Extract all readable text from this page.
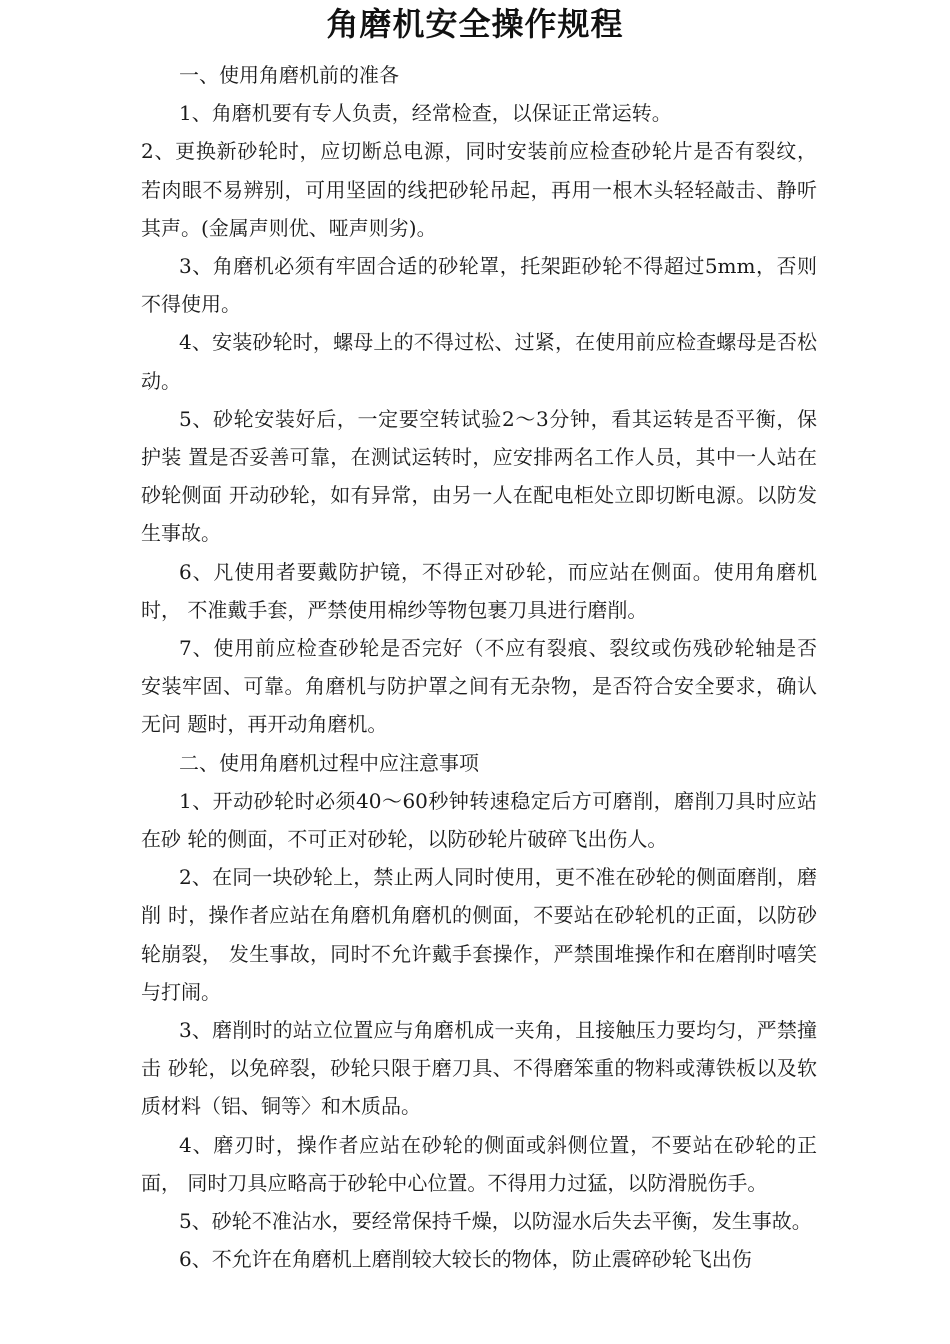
角磨机安全操作规程

一、使用角磨机前的准各

1、角磨机要有专人负责，经常检查，以保证正常运转。

2、更换新砂轮时，应切断总电源，同时安装前应检查砂轮片是否有裂纹， 若肉眼不易辨别，可用坚固的线把砂轮吊起，再用一根木头轻轻敲击、静听其声。(金属声则优、哑声则劣)。

3、角磨机必须有牢固合适的砂轮罩，托架距砂轮不得超过5mm，否则不得使用。

4、安装砂轮时，螺母上的不得过松、过紧，在使用前应检查螺母是否松动。

5、砂轮安装好后，一定要空转试验2〜3分钟，看其运转是否平衡，保护装 置是否妥善可靠，在测试运转时，应安排两名工作人员，其中一人站在砂轮侧面 开动砂轮，如有异常，由另一人在配电柜处立即切断电源。以防发生事故。

6、凡使用者要戴防护镜，不得正对砂轮，而应站在侧面。使用角磨机时， 不准戴手套，严禁使用棉纱等物包裹刀具进行磨削。

7、使用前应检查砂轮是否完好（不应有裂痕、裂纹或伤残砂轮轴是否 安装牢固、可靠。角磨机与防护罩之间有无杂物，是否符合安全要求，确认无问 题时，再开动角磨机。

二、使用角磨机过程中应注意事项

1、开动砂轮时必须40〜60秒钟转速稳定后方可磨削，磨削刀具时应站在砂 轮的侧面，不可正对砂轮，以防砂轮片破碎飞出伤人。

2、在同一块砂轮上，禁止两人同时使用，更不准在砂轮的侧面磨削，磨削 时，操作者应站在角磨机角磨机的侧面，不要站在砂轮机的正面，以防砂轮崩裂， 发生事故，同时不允许戴手套操作，严禁围堆操作和在磨削时嘻笑与打闹。

3、磨削时的站立位置应与角磨机成一夹角，且接触压力要均匀，严禁撞击 砂轮，以免碎裂，砂轮只限于磨刀具、不得磨笨重的物料或薄铁板以及软质材料（铝、铜等〉和木质品。

4、磨刃时，操作者应站在砂轮的侧面或斜侧位置，不要站在砂轮的正面， 同时刀具应略高于砂轮中心位置。不得用力过猛，以防滑脱伤手。

5、砂轮不准沾水，要经常保持千燥，以防湿水后失去平衡，发生事故。

6、不允许在角磨机上磨削较大较长的物体，防止震碎砂轮飞出伤
